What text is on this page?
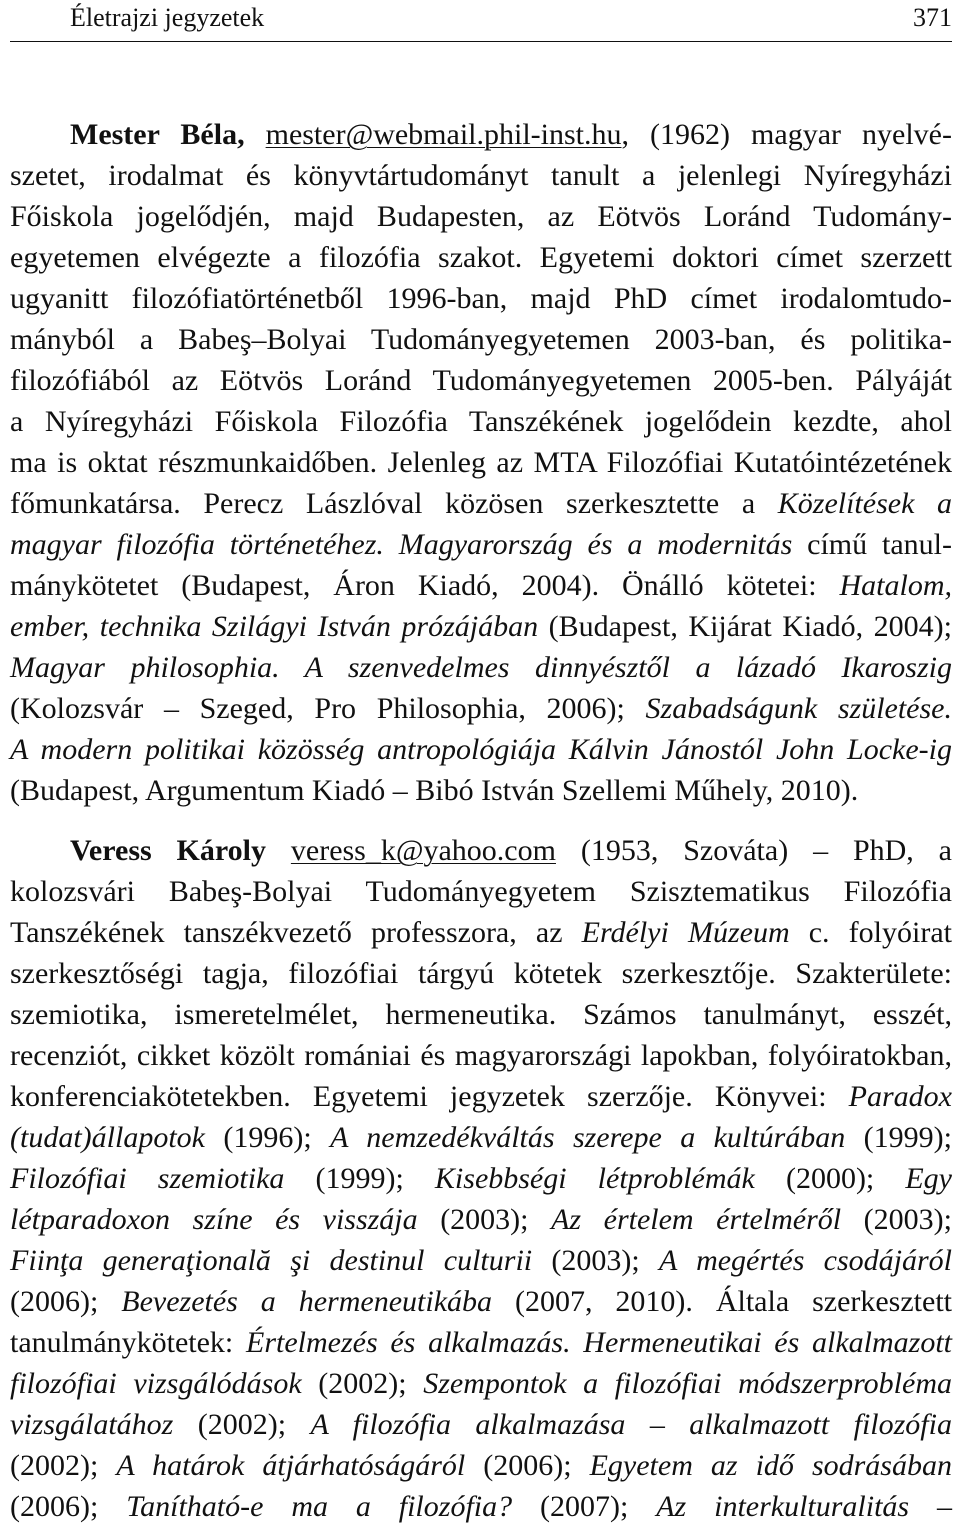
Életrajzi jegyzetek	371
Mester Béla, mester@webmail.phil-inst.hu, (1962) magyar nyelvé-
szetet, irodalmat és könyvtártudományt tanult a jelenlegi Nyíregyházi
Főiskola jogelődjén, majd Budapesten, az Eötvös Loránd Tudomány-
egyetemen elvégezte a filozófia szakot. Egyetemi doktori címet szerzett
ugyanitt filozófiatörténetből 1996-ban, majd PhD címet irodalomtudo-
mányból a Babeş–Bolyai Tudományegyetemen 2003-ban, és politika-
filozófiából az Eötvös Loránd Tudományegyetemen 2005-ben. Pályáját
a Nyíregyházi Főiskola Filozófia Tanszékének jogelődein kezdte, ahol
ma is oktat részmunkaidőben. Jelenleg az MTA Filozófiai Kutatóintézetének
főmunkatársa. Perecz Lászlóval közösen szerkesztette a Közelítések a
magyar filozófia történetéhez. Magyarország és a modernitás című tanul-
mánykötetet (Budapest, Áron Kiadó, 2004). Önálló kötetei: Hatalom,
ember, technika Szilágyi István prózájában (Budapest, Kijárat Kiadó, 2004);
Magyar philosophia. A szenvedelmes dinnyésztől a lázadó Ikaroszig
(Kolozsvár – Szeged, Pro Philosophia, 2006); Szabadságunk születése.
A modern politikai közösség antropológiája Kálvin Jánostól John Locke-ig
(Budapest, Argumentum Kiadó – Bibó István Szellemi Műhely, 2010).
Veress Károly veress_k@yahoo.com (1953, Szováta) – PhD, a
kolozsvári Babeş-Bolyai Tudományegyetem Szisztematikus Filozófia
Tanszékének tanszékvezető professzora, az Erdélyi Múzeum c. folyóirat
szerkesztőségi tagja, filozófiai tárgyú kötetek szerkesztője. Szakterülete:
szemiotika, ismeretelmélet, hermeneutika. Számos tanulmányt, esszét,
recenziót, cikket közölt romániai és magyarországi lapokban, folyóiratokban,
konferenciakötetekben. Egyetemi jegyzetek szerzője. Könyvei: Paradox
(tudat)állapotok (1996); A nemzedékváltás szerepe a kultúrában (1999);
Filozófiai szemiotika (1999); Kisebbségi létproblémák (2000); Egy
létparadoxon színe és visszája (2003); Az értelem értelméről (2003);
Fiinţa generaţională şi destinul culturii (2003); A megértés csodájáról
(2006); Bevezetés a hermeneutikába (2007, 2010). Általa szerkesztett
tanulmánykötetek: Értelmezés és alkalmazás. Hermeneutikai és alkalmazott
filozófiai vizsgálódások (2002); Szempontok a filozófiai módszerprobléma
vizsgálatához (2002); A filozófia alkalmazása – alkalmazott filozófia
(2002); A határok átjárhatóságáról (2006); Egyetem az idő sodrásában
(2006); Tanítható-e ma a filozófia? (2007); Az interkulturalitás –
